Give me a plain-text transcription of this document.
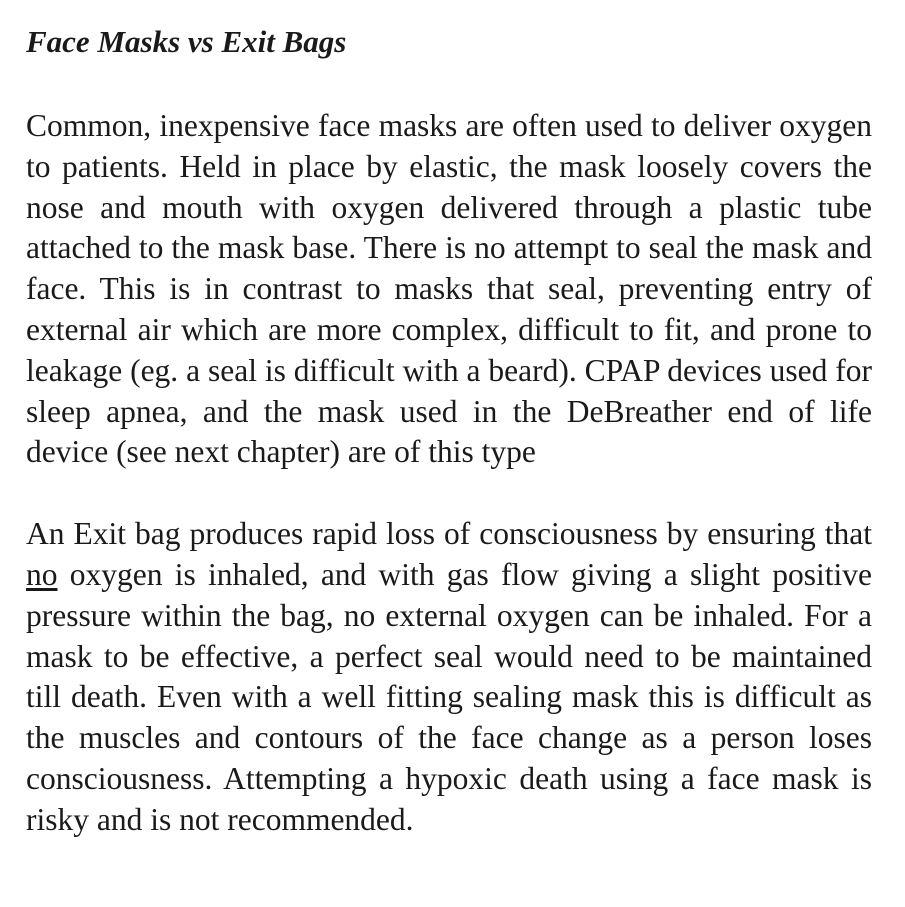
Face Masks vs Exit Bags

Common, inexpensive face masks are often used to deliver oxygen to patients. Held in place by elastic, the mask loosely covers the nose and mouth with oxygen delivered through a plastic tube attached to the mask base. There is no attempt to seal the mask and face. This is in contrast to masks that seal, preventing entry of external air which are more complex, difficult to fit, and prone to leakage (eg. a seal is difficult with a beard). CPAP devices used for sleep apnea, and the mask used in the DeBreather end of life device (see next chapter) are of this type

An Exit bag produces rapid loss of consciousness by ensuring that no oxygen is inhaled, and with gas flow giving a slight positive pressure within the bag, no external oxygen can be inhaled. For a mask to be effective, a perfect seal would need to be maintained till death. Even with a well fitting sealing mask this is difficult as the muscles and contours of the face change as a person loses consciousness. Attempting a hypoxic death using a face mask is risky and is not recommended.
